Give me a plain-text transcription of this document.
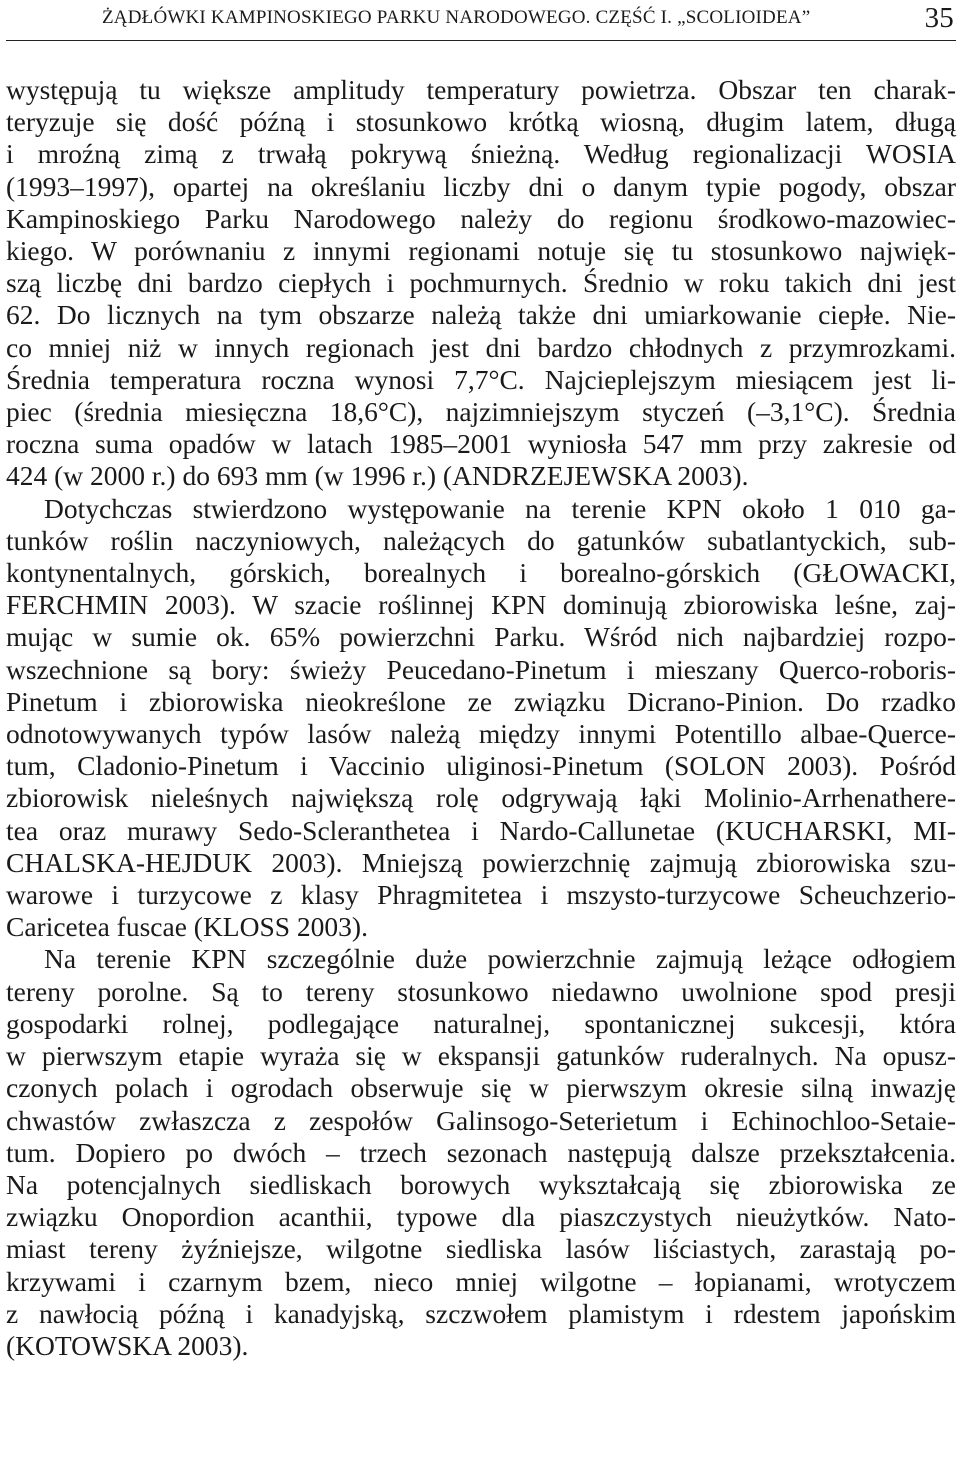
ŻĄDŁÓWKI KAMPINOSKIEGO PARKU NARODOWEGO. CZĘŚĆ I. „SCOLIOIDEA”	35

występują tu większe amplitudy temperatury powietrza. Obszar ten charak-
teryzuje się dość późną i stosunkowo krótką wiosną, długim latem, długą
i mroźną zimą z trwałą pokrywą śnieżną. Według regionalizacji WOSIA
(1993–1997), opartej na określaniu liczby dni o danym typie pogody, obszar
Kampinoskiego Parku Narodowego należy do regionu środkowo-mazowiec-
kiego. W porównaniu z innymi regionami notuje się tu stosunkowo najwięk-
szą liczbę dni bardzo ciepłych i pochmurnych. Średnio w roku takich dni jest
62. Do licznych na tym obszarze należą także dni umiarkowanie ciepłe. Nie-
co mniej niż w innych regionach jest dni bardzo chłodnych z przymrozkami.
Średnia temperatura roczna wynosi 7,7°C. Najcieplejszym miesiącem jest li-
piec (średnia miesięczna 18,6°C), najzimniejszym styczeń (–3,1°C). Średnia
roczna suma opadów w latach 1985–2001 wyniosła 547 mm przy zakresie od
424 (w 2000 r.) do 693 mm (w 1996 r.) (ANDRZEJEWSKA 2003).

Dotychczas stwierdzono występowanie na terenie KPN około 1 010 ga-
tunków roślin naczyniowych, należących do gatunków subatlantyckich, sub-
kontynentalnych, górskich, borealnych i borealno-górskich (GŁOWACKI,
FERCHMIN 2003). W szacie roślinnej KPN dominują zbiorowiska leśne, zaj-
mując w sumie ok. 65% powierzchni Parku. Wśród nich najbardziej rozpo-
wszechnione są bory: świeży Peucedano-Pinetum i mieszany Querco-roboris-
Pinetum i zbiorowiska nieokreślone ze związku Dicrano-Pinion. Do rzadko
odnotowywanych typów lasów należą między innymi Potentillo albae-Querce-
tum, Cladonio-Pinetum i Vaccinio uliginosi-Pinetum (SOLON 2003). Pośród
zbiorowisk nieleśnych największą rolę odgrywają łąki Molinio-Arrhenathere-
tea oraz murawy Sedo-Scleranthetea i Nardo-Callunetae (KUCHARSKI, MI-
CHALSKA-HEJDUK 2003). Mniejszą powierzchnię zajmują zbiorowiska szu-
warowe i turzycowe z klasy Phragmitetea i mszysto-turzycowe Scheuchzerio-
Caricetea fuscae (KLOSS 2003).

Na terenie KPN szczególnie duże powierzchnie zajmują leżące odłogiem
tereny porolne. Są to tereny stosunkowo niedawno uwolnione spod presji
gospodarki rolnej, podlegające naturalnej, spontanicznej sukcesji, która
w pierwszym etapie wyraża się w ekspansji gatunków ruderalnych. Na opusz-
czonych polach i ogrodach obserwuje się w pierwszym okresie silną inwazję
chwastów zwłaszcza z zespołów Galinsogo-Seterietum i Echinochloo-Setaie-
tum. Dopiero po dwóch – trzech sezonach następują dalsze przekształcenia.
Na potencjalnych siedliskach borowych wykształcają się zbiorowiska ze
związku Onopordion acanthii, typowe dla piaszczystych nieużytków. Nato-
miast tereny żyźniejsze, wilgotne siedliska lasów liściastych, zarastają po-
krzywami i czarnym bzem, nieco mniej wilgotne – łopianami, wrotyczem
z nawłocią późną i kanadyjską, szczwołem plamistym i rdestem japońskim
(KOTOWSKA 2003).
